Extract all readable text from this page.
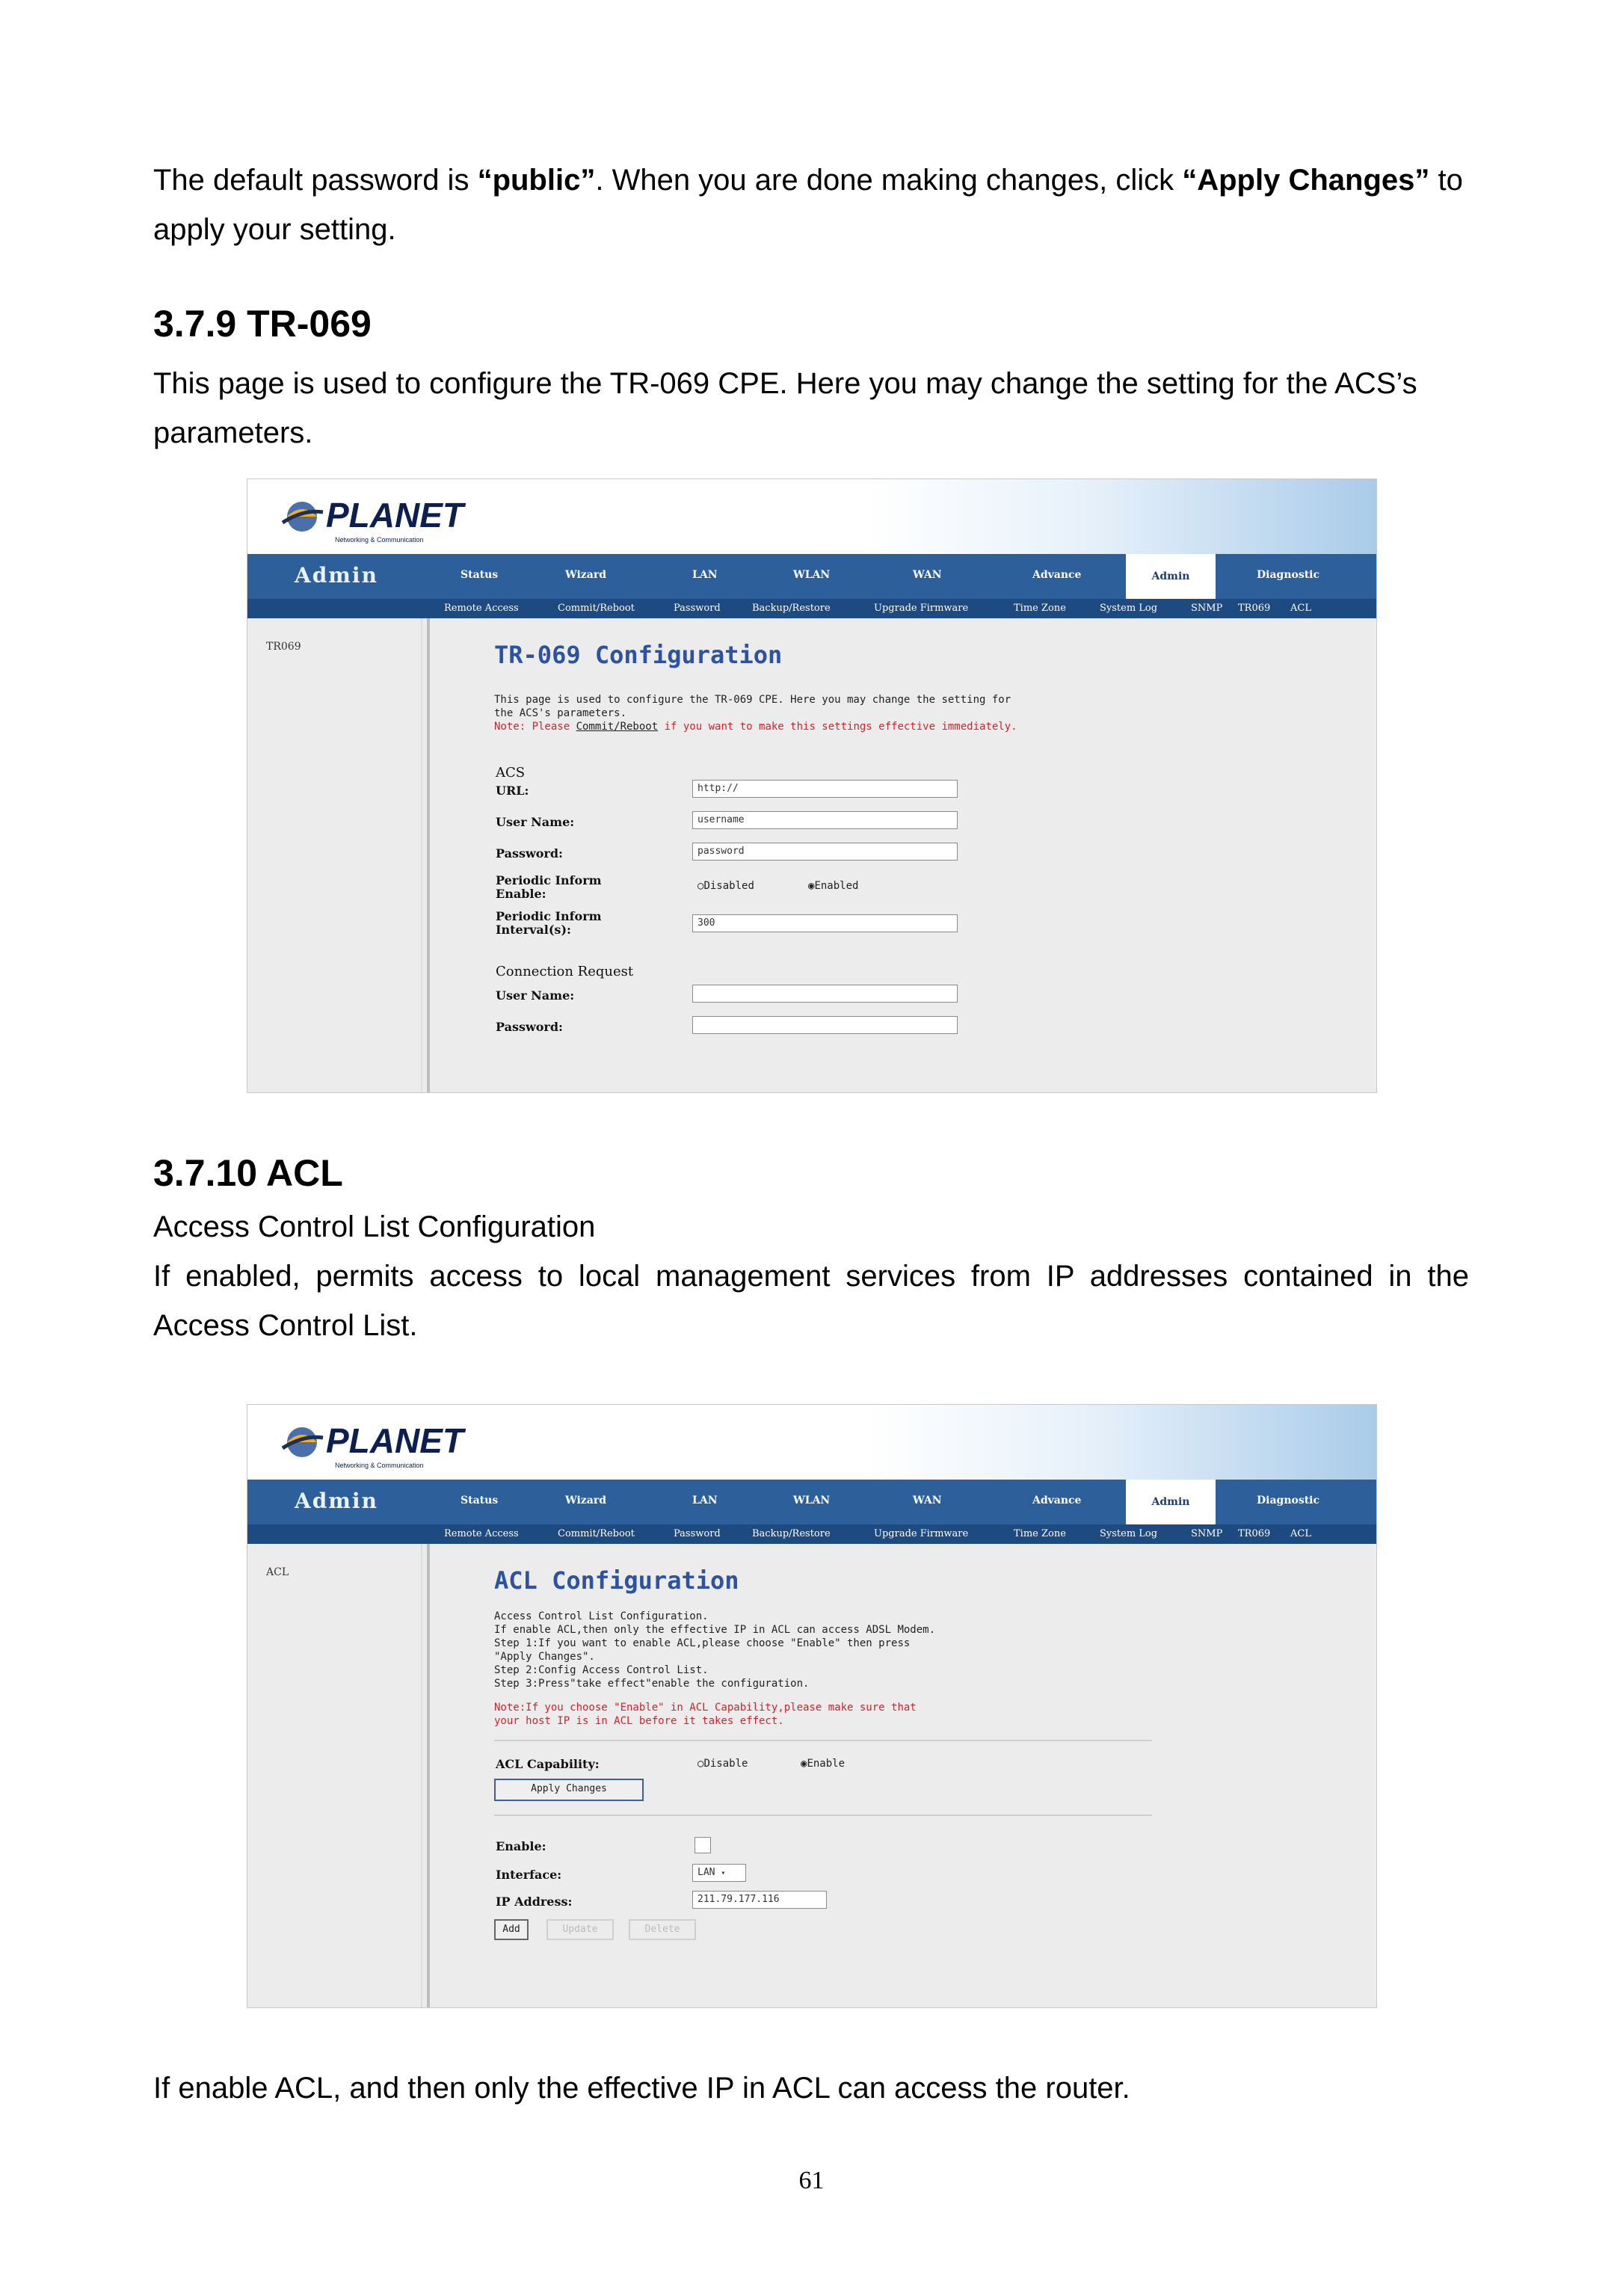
The default password is “public”. When you are done making changes, click “Apply Changes” to apply your setting.

3.7.9 TR-069

This page is used to configure the TR-069 CPE. Here you may change the setting for the ACS’s parameters.

PLANET
Networking & Communication
Admin	Status	Wizard	LAN	WLAN	WAN	Advance	Admin	Diagnostic
Remote Access	Commit/Reboot	Password	Backup/Restore	Upgrade Firmware	Time Zone	System Log	SNMP TR069 ACL
TR069	TR-069 Configuration
This page is used to configure the TR-069 CPE. Here you may change the setting for
the ACS's parameters.
Note: Please Commit/Reboot if you want to make this settings effective immediately.
ACS
URL:	http://
User Name:	username
Password:	password
Periodic Inform
Enable:
○Disabled	◉Enabled
Periodic Inform
Interval(s):	300
Connection Request
User Name:
Password:
3.7.10 ACL

Access Control List Configuration

If enabled, permits access to local management services from IP addresses contained in the Access Control List.

PLANET
Networking & Communication
Admin	Status	Wizard	LAN	WLAN	WAN	Advance	Admin	Diagnostic
Remote Access	Commit/Reboot	Password	Backup/Restore	Upgrade Firmware	Time Zone	System Log	SNMP TR069 ACL
ACL	ACL Configuration
Access Control List Configuration.
If enable ACL,then only the effective IP in ACL can access ADSL Modem.
Step 1:If you want to enable ACL,please choose "Enable" then press
"Apply Changes".
Step 2:Config Access Control List.
Step 3:Press"take effect"enable the configuration.
Note:If you choose "Enable" in ACL Capability,please make sure that
your host IP is in ACL before it takes effect.
ACL Capability:	○Disable	◉Enable
Apply Changes
Enable:
Interface:	LAN ▾
IP Address:	211.79.177.116
Add	Update	Delete

If enable ACL, and then only the effective IP in ACL can access the router.

61
